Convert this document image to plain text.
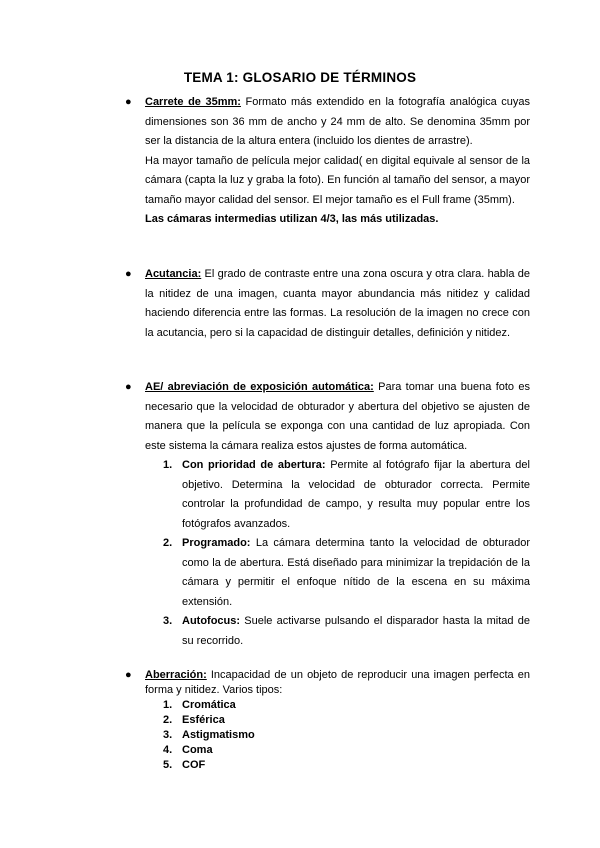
TEMA 1: GLOSARIO DE TÉRMINOS
● Carrete de 35mm: Formato más extendido en la fotografía analógica cuyas dimensiones son 36 mm de ancho y 24 mm de alto. Se denomina 35mm por ser la distancia de la altura entera (incluido los dientes de arrastre).

Ha mayor tamaño de película mejor calidad( en digital equivale al sensor de la cámara (capta la luz y graba la foto). En función al tamaño del sensor, a mayor tamaño mayor calidad del sensor. El mejor tamaño es el Full frame (35mm).

Las cámaras intermedias utilizan 4/3, las más utilizadas.

● Acutancia: El grado de contraste entre una zona oscura y otra clara. habla de la nitidez de una imagen, cuanta mayor abundancia más nitidez y calidad haciendo diferencia entre las formas. La resolución de la imagen no crece con la acutancia, pero si la capacidad de distinguir detalles, definición y nitidez.

● AE/ abreviación de exposición automática: Para tomar una buena foto es necesario que la velocidad de obturador y abertura del objetivo se ajusten de manera que la película se exponga con una cantidad de luz apropiada. Con este sistema la cámara realiza estos ajustes de forma automática.

1. Con prioridad de abertura: Permite al fotógrafo fijar la abertura del objetivo. Determina la velocidad de obturador correcta. Permite controlar la profundidad de campo, y resulta muy popular entre los fotógrafos avanzados.
2. Programado: La cámara determina tanto la velocidad de obturador como la de abertura. Está diseñado para minimizar la trepidación de la cámara y permitir el enfoque nítido de la escena en su máxima extensión.
3. Autofocus: Suele activarse pulsando el disparador hasta la mitad de su recorrido.
● Aberración: Incapacidad de un objeto de reproducir una imagen perfecta en forma y nitidez. Varios tipos:

1. Cromática
2. Esférica
3. Astigmatismo
4. Coma
5. COF
